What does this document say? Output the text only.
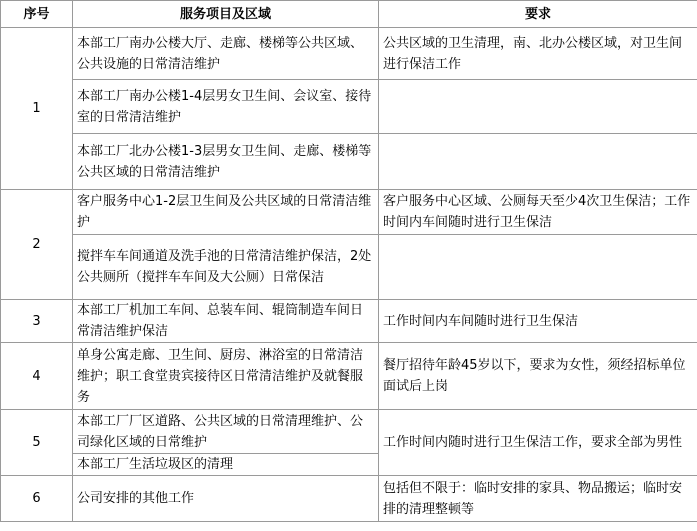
序号	服务项目及区域	要求
1	本部工厂南办公楼大厅、走廊、楼梯等公共区域、公共设施的日常清洁维护	公共区域的卫生清理，南、北办公楼区域，对卫生间进行保洁工作
	本部工厂南办公楼1-4层男女卫生间、会议室、接待室的日常清洁维护	
	本部工厂北办公楼1-3层男女卫生间、走廊、楼梯等公共区域的日常清洁维护	
2	客户服务中心1-2层卫生间及公共区域的日常清洁维护	客户服务中心区域、公厕每天至少4次卫生保洁；工作时间内车间随时进行卫生保洁
	搅拌车车间通道及洗手池的日常清洁维护保洁，2处公共厕所（搅拌车车间及大公厕）日常保洁	
3	本部工厂机加工车间、总装车间、辊筒制造车间日常清洁维护保洁	工作时间内车间随时进行卫生保洁
4	单身公寓走廊、卫生间、厨房、淋浴室的日常清洁维护；职工食堂贵宾接待区日常清洁维护及就餐服务	餐厅招待年龄45岁以下，要求为女性，须经招标单位面试后上岗
5	本部工厂厂区道路、公共区域的日常清理维护、公司绿化区域的日常维护	工作时间内随时进行卫生保洁工作，要求全部为男性
	本部工厂生活垃圾区的清理	
6	公司安排的其他工作	包括但不限于：临时安排的家具、物品搬运；临时安排的清理整顿等
